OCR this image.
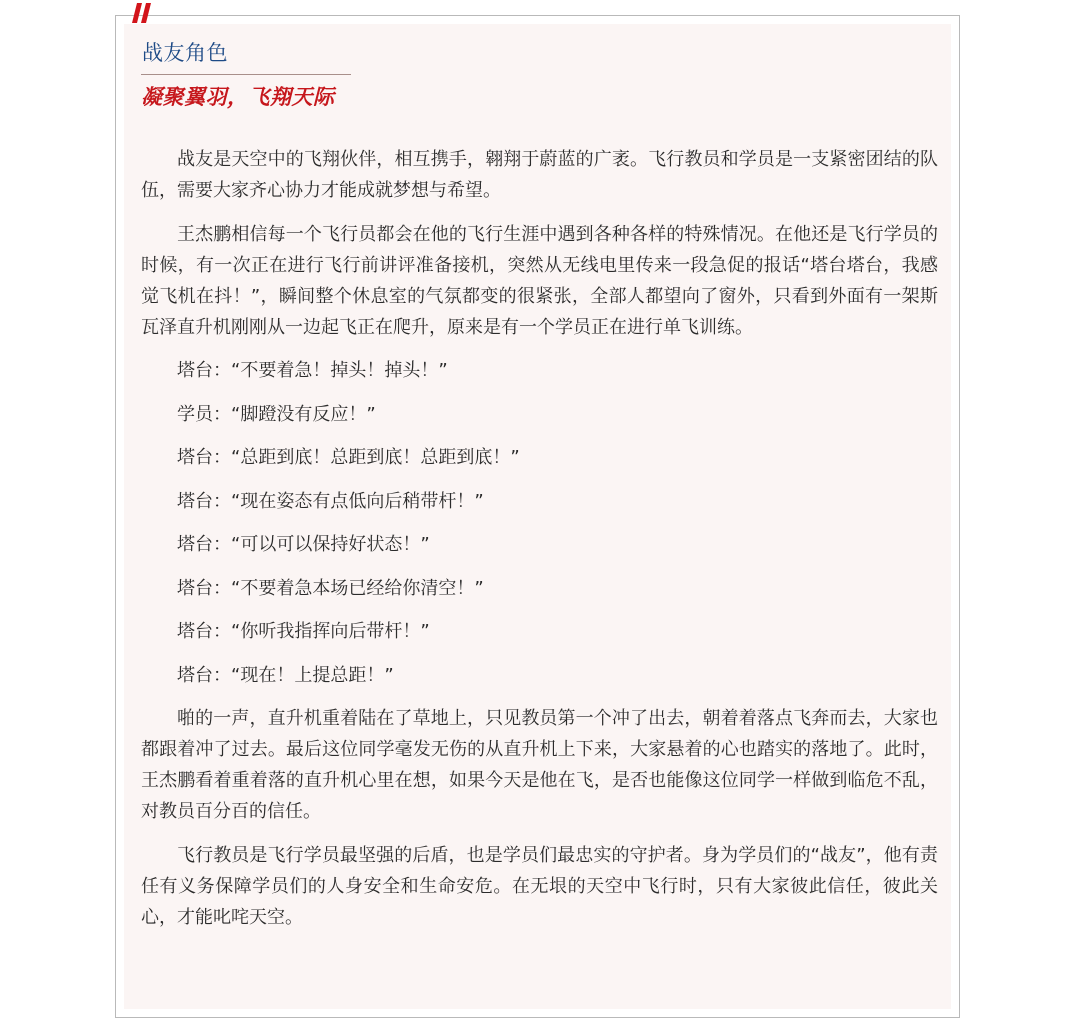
战友角色
凝聚翼羽，飞翔天际

战友是天空中的飞翔伙伴，相互携手，翱翔于蔚蓝的广袤。飞行教员和学员是一支紧密团结的队伍，需要大家齐心协力才能成就梦想与希望。

王杰鹏相信每一个飞行员都会在他的飞行生涯中遇到各种各样的特殊情况。在他还是飞行学员的时候，有一次正在进行飞行前讲评准备接机，突然从无线电里传来一段急促的报话“塔台塔台，我感觉飞机在抖！”，瞬间整个休息室的气氛都变的很紧张，全部人都望向了窗外，只看到外面有一架斯瓦泽直升机刚刚从一边起飞正在爬升，原来是有一个学员正在进行单飞训练。

塔台：“不要着急！掉头！掉头！”

学员：“脚蹬没有反应！”

塔台：“总距到底！总距到底！总距到底！”

塔台：“现在姿态有点低向后稍带杆！”

塔台：“可以可以保持好状态！”

塔台：“不要着急本场已经给你清空！”

塔台：“你听我指挥向后带杆！”

塔台：“现在！上提总距！”

啪的一声，直升机重着陆在了草地上，只见教员第一个冲了出去，朝着着落点飞奔而去，大家也都跟着冲了过去。最后这位同学毫发无伤的从直升机上下来，大家悬着的心也踏实的落地了。此时，王杰鹏看着重着落的直升机心里在想，如果今天是他在飞，是否也能像这位同学一样做到临危不乱，对教员百分百的信任。

飞行教员是飞行学员最坚强的后盾，也是学员们最忠实的守护者。身为学员们的“战友”，他有责任有义务保障学员们的人身安全和生命安危。在无垠的天空中飞行时，只有大家彼此信任，彼此关心，才能叱咤天空。
